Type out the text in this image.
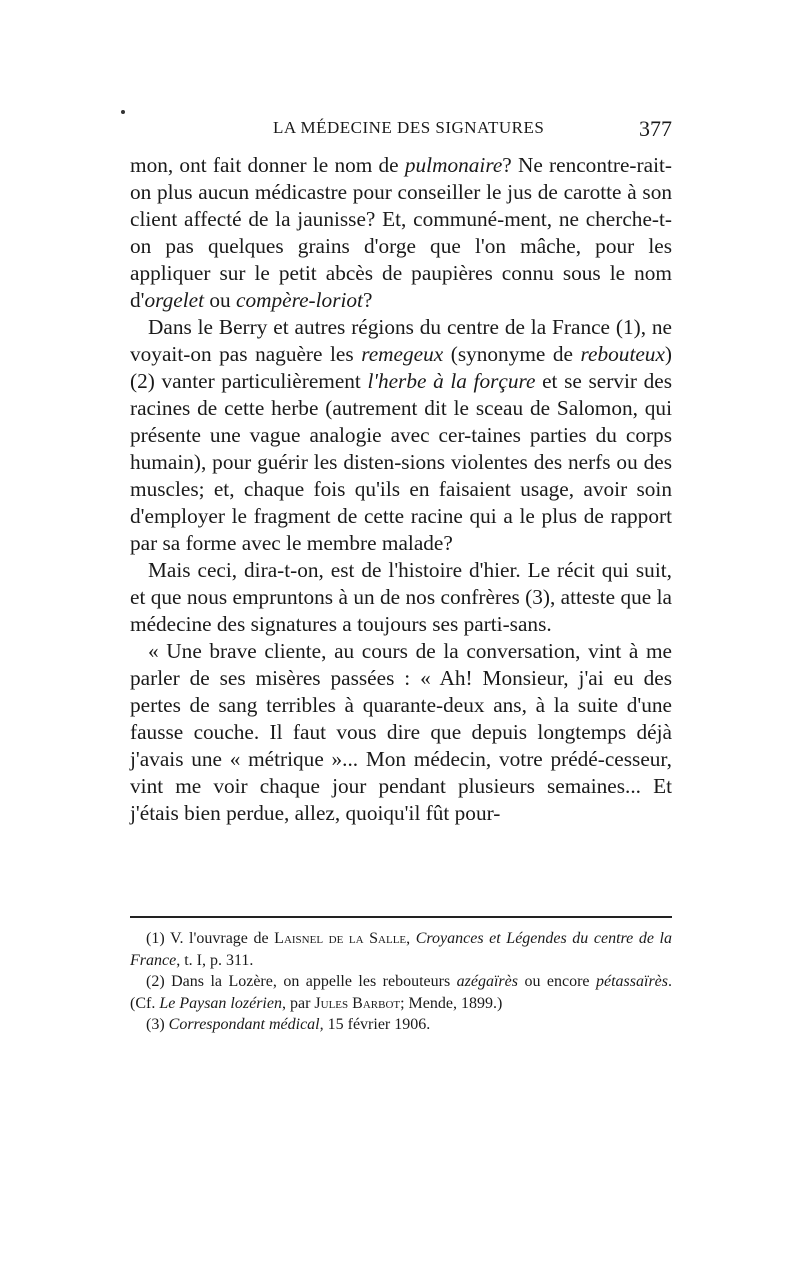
LA MÉDECINE DES SIGNATURES	377

mon, ont fait donner le nom de pulmonaire? Ne rencontre-rait-on plus aucun médicastre pour conseiller le jus de carotte à son client affecté de la jaunisse? Et, communé-ment, ne cherche-t-on pas quelques grains d'orge que l'on mâche, pour les appliquer sur le petit abcès de paupières connu sous le nom d'orgelet ou compère-loriot?

Dans le Berry et autres régions du centre de la France (1), ne voyait-on pas naguère les remegeux (synonyme de rebouteux) (2) vanter particulièrement l'herbe à la forçure et se servir des racines de cette herbe (autrement dit le sceau de Salomon, qui présente une vague analogie avec cer-taines parties du corps humain), pour guérir les disten-sions violentes des nerfs ou des muscles; et, chaque fois qu'ils en faisaient usage, avoir soin d'employer le fragment de cette racine qui a le plus de rapport par sa forme avec le membre malade?

Mais ceci, dira-t-on, est de l'histoire d'hier. Le récit qui suit, et que nous empruntons à un de nos confrères (3), atteste que la médecine des signatures a toujours ses parti-sans.

« Une brave cliente, au cours de la conversation, vint à me parler de ses misères passées : « Ah! Monsieur, j'ai eu des pertes de sang terribles à quarante-deux ans, à la suite d'une fausse couche. Il faut vous dire que depuis longtemps déjà j'avais une « métrique »... Mon médecin, votre prédé-cesseur, vint me voir chaque jour pendant plusieurs semaines... Et j'étais bien perdue, allez, quoiqu'il fût pour-

(1) V. l'ouvrage de Laisnel de la Salle, Croyances et Légendes du centre de la France, t. I, p. 311.

(2) Dans la Lozère, on appelle les rebouteurs azégaïrès ou encore pétassaïrès. (Cf. Le Paysan lozérien, par Jules Barbot; Mende, 1899.)

(3) Correspondant médical, 15 février 1906.
